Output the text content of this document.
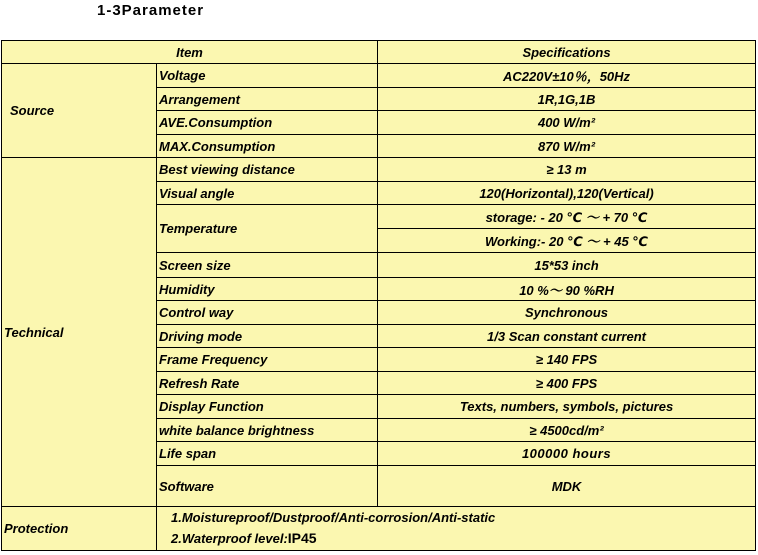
1-3Parameter
Item		Specifications
Source	Voltage	AC220V±10％，50Hz
	Arrangement	1R,1G,1B
	AVE.Consumption	400 W/m²
	MAX.Consumption	870 W/m²
Technical	Best viewing distance	≥ 13 m
	Visual angle	120(Horizontal),120(Vertical)
	Temperature	storage: - 20 ℃ ～ + 70 ℃
		Working:- 20 ℃ ～ + 45 ℃
	Screen size	15*53 inch
	Humidity	10 %～ 90 %RH
	Control way	Synchronous
	Driving mode	1/3 Scan constant current
	Frame Frequency	≥ 140 FPS
	Refresh Rate	≥ 400 FPS
	Display Function	Texts, numbers, symbols, pictures
	white balance brightness	≥ 4500cd/m²
	Life span	100000 hours
	Software	MDK
Protection	1.Moistureproof/Dustproof/Anti-corrosion/Anti-static
2.Waterproof level:IP45	
